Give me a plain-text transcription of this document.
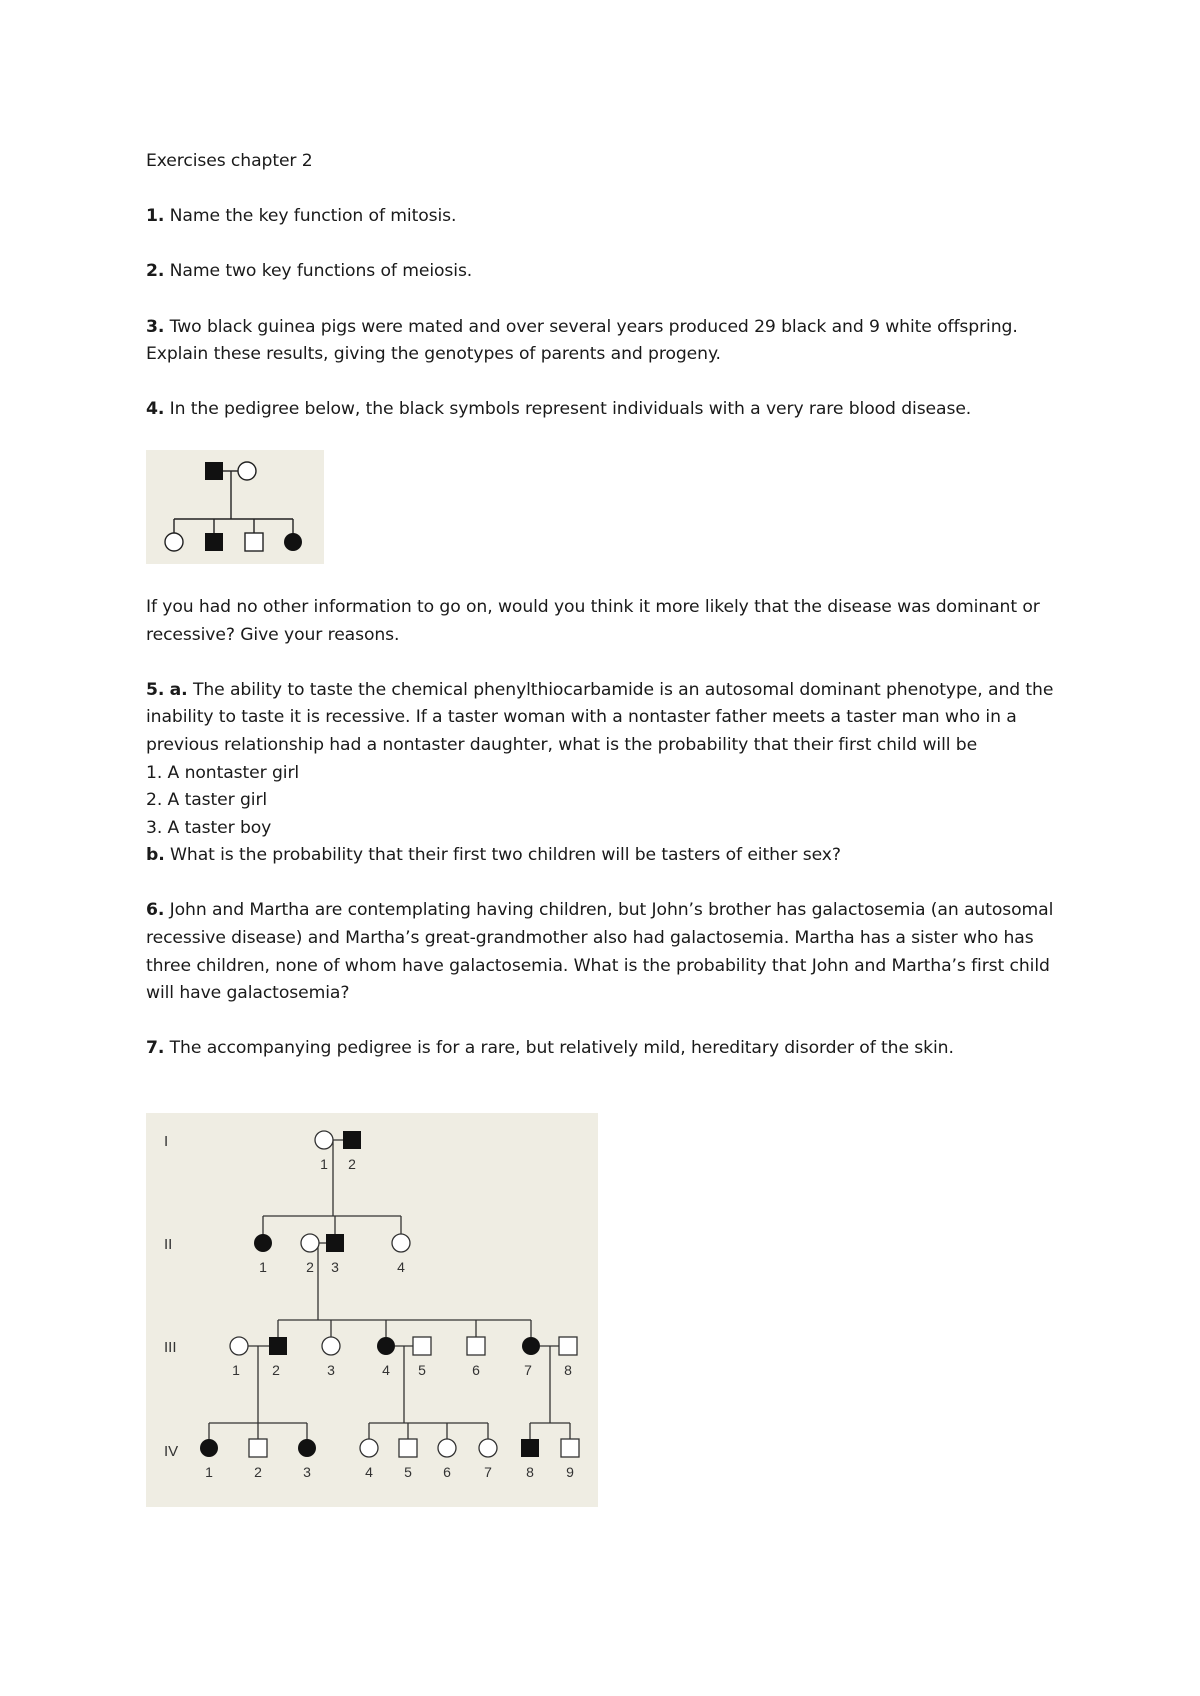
Exercises chapter 2

1. Name the key function of mitosis.

2. Name two key functions of meiosis.

3. Two black guinea pigs were mated and over several years produced 29 black and 9 white offspring. Explain these results, giving the genotypes of parents and progeny.

4. In the pedigree below, the black symbols represent individuals with a very rare blood disease.

If you had no other information to go on, would you think it more likely that the disease was dominant or recessive? Give your reasons.

5. a. The ability to taste the chemical phenylthiocarbamide is an autosomal dominant phenotype, and the inability to taste it is recessive. If a taster woman with a nontaster father meets a taster man who in a previous relationship had a nontaster daughter, what is the probability that their first child will be

1. A nontaster girl

2. A taster girl

3. A taster boy

b. What is the probability that their first two children will be tasters of either sex?

6. John and Martha are contemplating having children, but John’s brother has galactosemia (an autosomal recessive disease) and Martha’s great-grandmother also had galactosemia. Martha has a sister who has three children, none of whom have galactosemia. What is the probability that John and Martha’s first child will have galactosemia?

7. The accompanying pedigree is for a rare, but relatively mild, hereditary disorder of the skin.

I
II
III
IV
1 2
1	2 3	4
1 2	3	4 5	6	7 8
1	2	3	4 5 6 7 8 9
